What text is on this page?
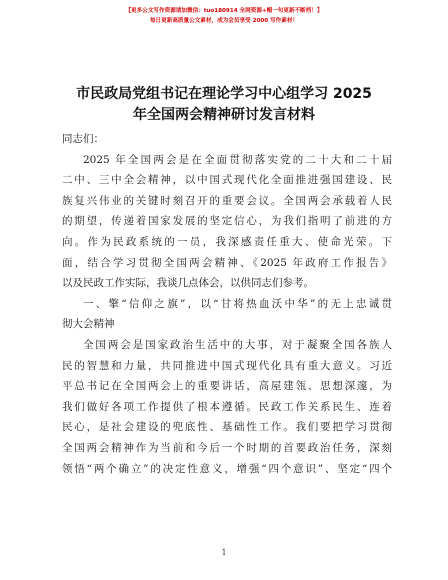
【更多公文写作资源请加微信：tuo180914 全网资源+帽一句更新不断档！】
每日更新高质量公文素材，成为会员享受 2000 写作素材！
市民政局党组书记在理论学习中心组学习 2025
年全国两会精神研讨发言材料
同志们：
2025 年全国两会是在全面贯彻落实党的二十大和二十届
二中、三中全会精神，以中国式现代化全面推进强国建设、民
族复兴伟业的关键时刻召开的重要会议。全国两会承载着人民
的期望，传递着国家发展的坚定信心，为我们指明了前进的方
向。作为民政系统的一员，我深感责任重大、使命光荣。下
面，结合学习贯彻全国两会精神、《2025 年政府工作报告》
以及民政工作实际，我谈几点体会，以供同志们参考。
一、擎“信仰之旗”，以“甘将热血沃中华”的无上忠诚贯
彻大会精神
全国两会是国家政治生活中的大事，对于凝聚全国各族人
民的智慧和力量，共同推进中国式现代化具有重大意义。习近
平总书记在全国两会上的重要讲话，高屋建瓴、思想深邃，为
我们做好各项工作提供了根本遵循。民政工作关系民生、连着
民心，是社会建设的兜底性、基础性工作。我们要把学习贯彻
全国两会精神作为当前和今后一个时期的首要政治任务，深刻
领悟“两个确立”的决定性意义，增强“四个意识”、坚定“四个
1
